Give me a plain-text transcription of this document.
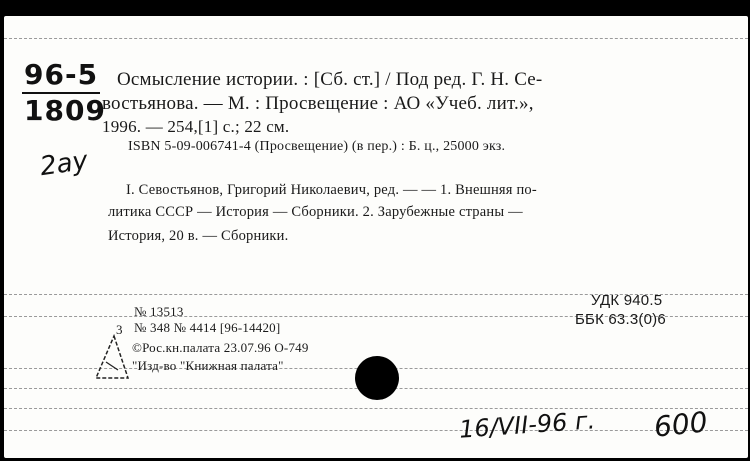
96-5
1809
2ay
Осмысление истории. : [Сб. ст.] / Под ред. Г. Н. Се-
востьянова. — М. : Просвещение : АО «Учеб. лит.»,
1996. — 254,[1] с.; 22 см.
ISBN 5-09-006741-4 (Просвещение) (в пер.) : Б. ц., 25000 экз.
I. Севостьянов, Григорий Николаевич, ред. — — 1. Внешняя по-
литика СССР — История — Сборники. 2. Зарубежные страны —
История, 20 в. — Сборники.
№ 13513
3 № 348 № 4414 [96-14420]
©Рос.кн.палата 23.07.96 О-749
"Изд-во "Книжная палата"
УДК 940.5
ББК 63.3(0)6
16/VII-96 г. 600
